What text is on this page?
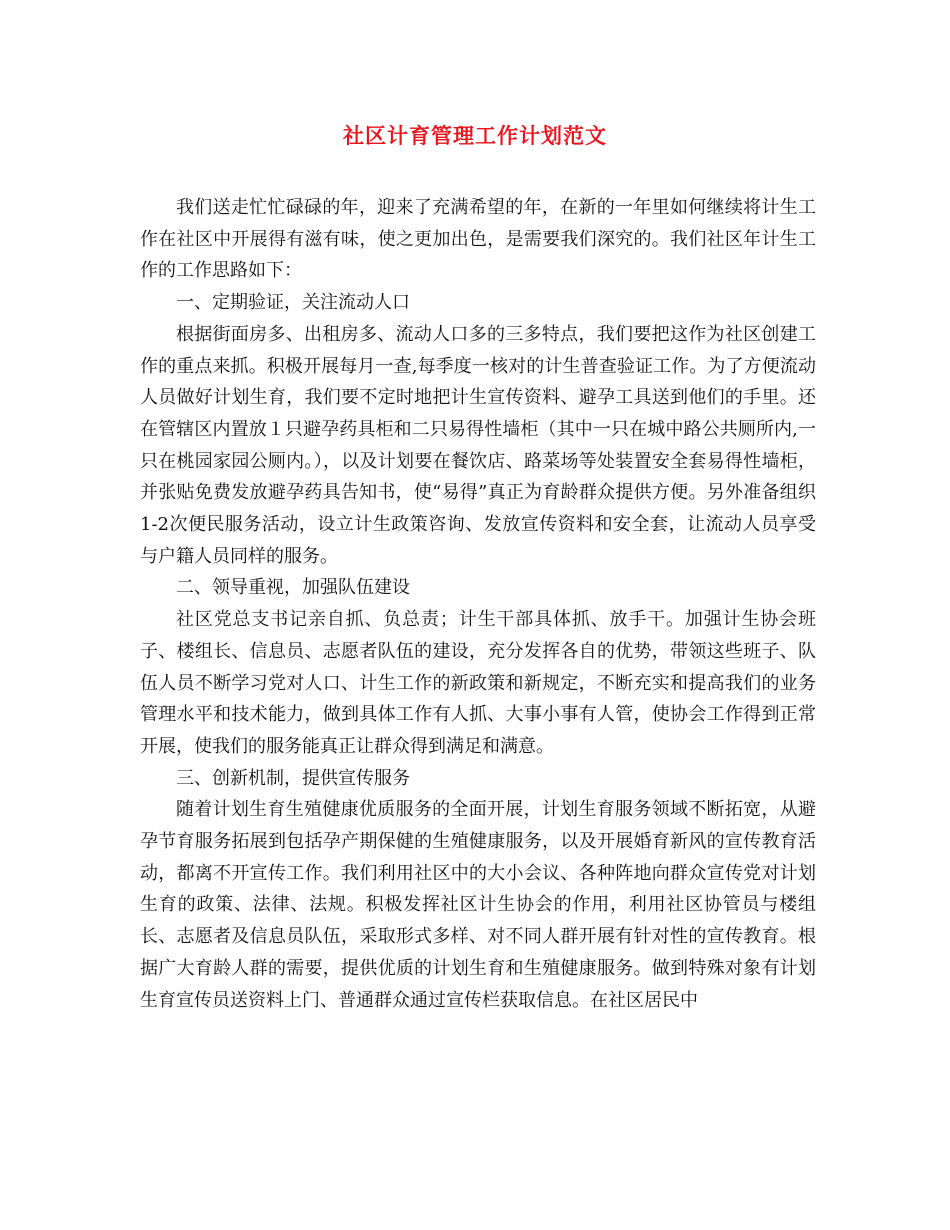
社区计育管理工作计划范文

我们送走忙忙碌碌的年，迎来了充满希望的年，在新的一年里如何继续将计生工作在社区中开展得有滋有味，使之更加出色，是需要我们深究的。我们社区年计生工作的工作思路如下：

一、定期验证，关注流动人口

根据街面房多、出租房多、流动人口多的三多特点，我们要把这作为社区创建工作的重点来抓。积极开展每月一查,每季度一核对的计生普查验证工作。为了方便流动人员做好计划生育，我们要不定时地把计生宣传资料、避孕工具送到他们的手里。还在管辖区内置放１只避孕药具柜和二只易得性墙柜（其中一只在城中路公共厕所内,一只在桃园家园公厕内。），以及计划要在餐饮店、路菜场等处装置安全套易得性墙柜，并张贴免费发放避孕药具告知书，使“易得”真正为育龄群众提供方便。另外准备组织1-2次便民服务活动，设立计生政策咨询、发放宣传资料和安全套，让流动人员享受与户籍人员同样的服务。

二、领导重视，加强队伍建设

社区党总支书记亲自抓、负总责；计生干部具体抓、放手干。加强计生协会班子、楼组长、信息员、志愿者队伍的建设，充分发挥各自的优势，带领这些班子、队伍人员不断学习党对人口、计生工作的新政策和新规定，不断充实和提高我们的业务管理水平和技术能力，做到具体工作有人抓、大事小事有人管，使协会工作得到正常开展，使我们的服务能真正让群众得到满足和满意。

三、创新机制，提供宣传服务

随着计划生育生殖健康优质服务的全面开展，计划生育服务领域不断拓宽，从避孕节育服务拓展到包括孕产期保健的生殖健康服务，以及开展婚育新风的宣传教育活动，都离不开宣传工作。我们利用社区中的大小会议、各种阵地向群众宣传党对计划生育的政策、法律、法规。积极发挥社区计生协会的作用，利用社区协管员与楼组长、志愿者及信息员队伍，采取形式多样、对不同人群开展有针对性的宣传教育。根据广大育龄人群的需要，提供优质的计划生育和生殖健康服务。做到特殊对象有计划生育宣传员送资料上门、普通群众通过宣传栏获取信息。在社区居民中
